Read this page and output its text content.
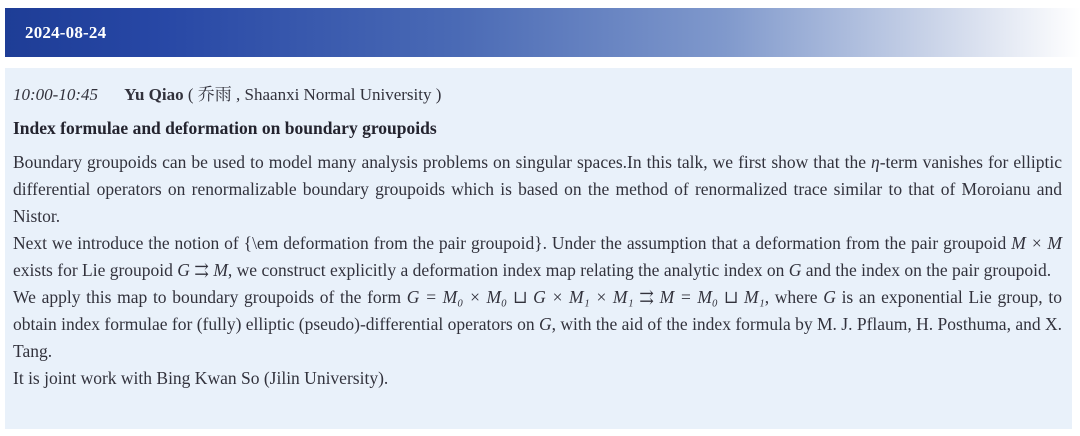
2024-08-24
10:00-10:45 Yu Qiao ( 乔雨 , Shaanxi Normal University )
Index formulae and deformation on boundary groupoids

Boundary groupoids can be used to model many analysis problems on singular spaces.In this talk, we first show that the η-term vanishes for elliptic differential operators on renormalizable boundary groupoids which is based on the method of renormalized trace similar to that of Moroianu and Nistor.

Next we introduce the notion of {\em deformation from the pair groupoid}. Under the assumption that a deformation from the pair groupoid M × M exists for Lie groupoid G ⇉ M, we construct explicitly a deformation index map relating the analytic index on G and the index on the pair groupoid.

We apply this map to boundary groupoids of the form G = M₀ × M₀ ⊔ G × M₁ × M₁ ⇉ M = M₀ ⊔ M₁, where G is an exponential Lie group, to obtain index formulae for (fully) elliptic (pseudo)-differential operators on G, with the aid of the index formula by M. J. Pflaum, H. Posthuma, and X. Tang.

It is joint work with Bing Kwan So (Jilin University).
